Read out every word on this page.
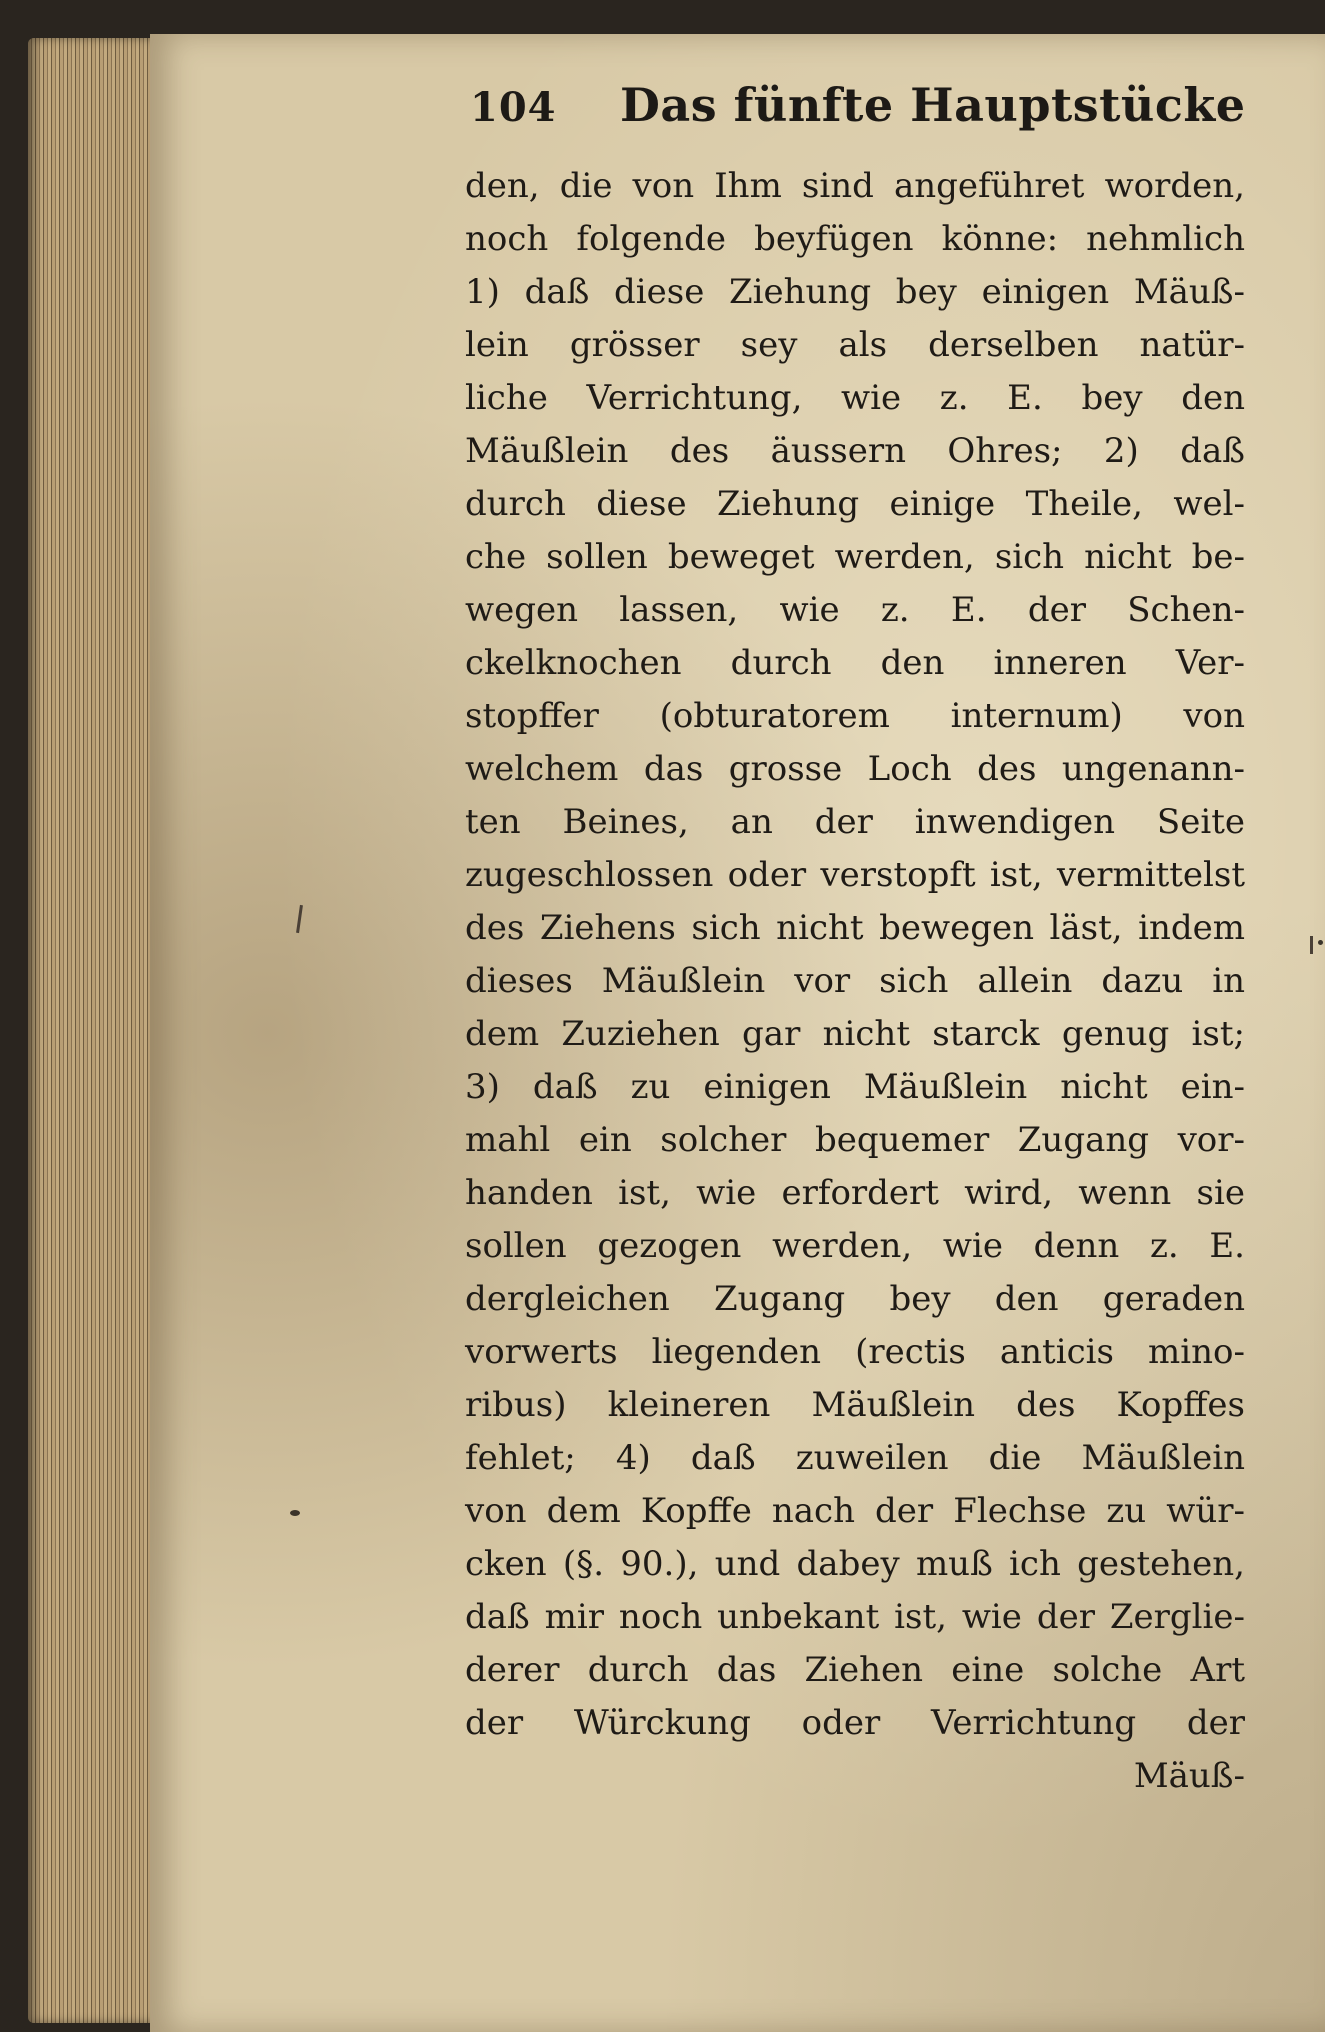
104 Das fünfte Hauptstücke
den, die von Ihm sind angeführet worden,
noch folgende beyfügen könne: nehmlich
1) daß diese Ziehung bey einigen Mäuß-
lein grösser sey als derselben natür-
liche Verrichtung, wie z. E. bey den
Mäußlein des äussern Ohres; 2) daß
durch diese Ziehung einige Theile, wel-
che sollen beweget werden, sich nicht be-
wegen lassen, wie z. E. der Schen-
ckelknochen durch den inneren Ver-
stopffer (obturatorem internum) von
welchem das grosse Loch des ungenann-
ten Beines, an der inwendigen Seite
zugeschlossen oder verstopft ist, vermittelst
des Ziehens sich nicht bewegen läst, indem
dieses Mäußlein vor sich allein dazu in
dem Zuziehen gar nicht starck genug ist;
3) daß zu einigen Mäußlein nicht ein-
mahl ein solcher bequemer Zugang vor-
handen ist, wie erfordert wird, wenn sie
sollen gezogen werden, wie denn z. E.
dergleichen Zugang bey den geraden
vorwerts liegenden (rectis anticis mino-
ribus) kleineren Mäußlein des Kopffes
fehlet; 4) daß zuweilen die Mäußlein
von dem Kopffe nach der Flechse zu wür-
cken (§. 90.), und dabey muß ich gestehen,
daß mir noch unbekant ist, wie der Zerglie-
derer durch das Ziehen eine solche Art
der Würckung oder Verrichtung der
Mäuß-
